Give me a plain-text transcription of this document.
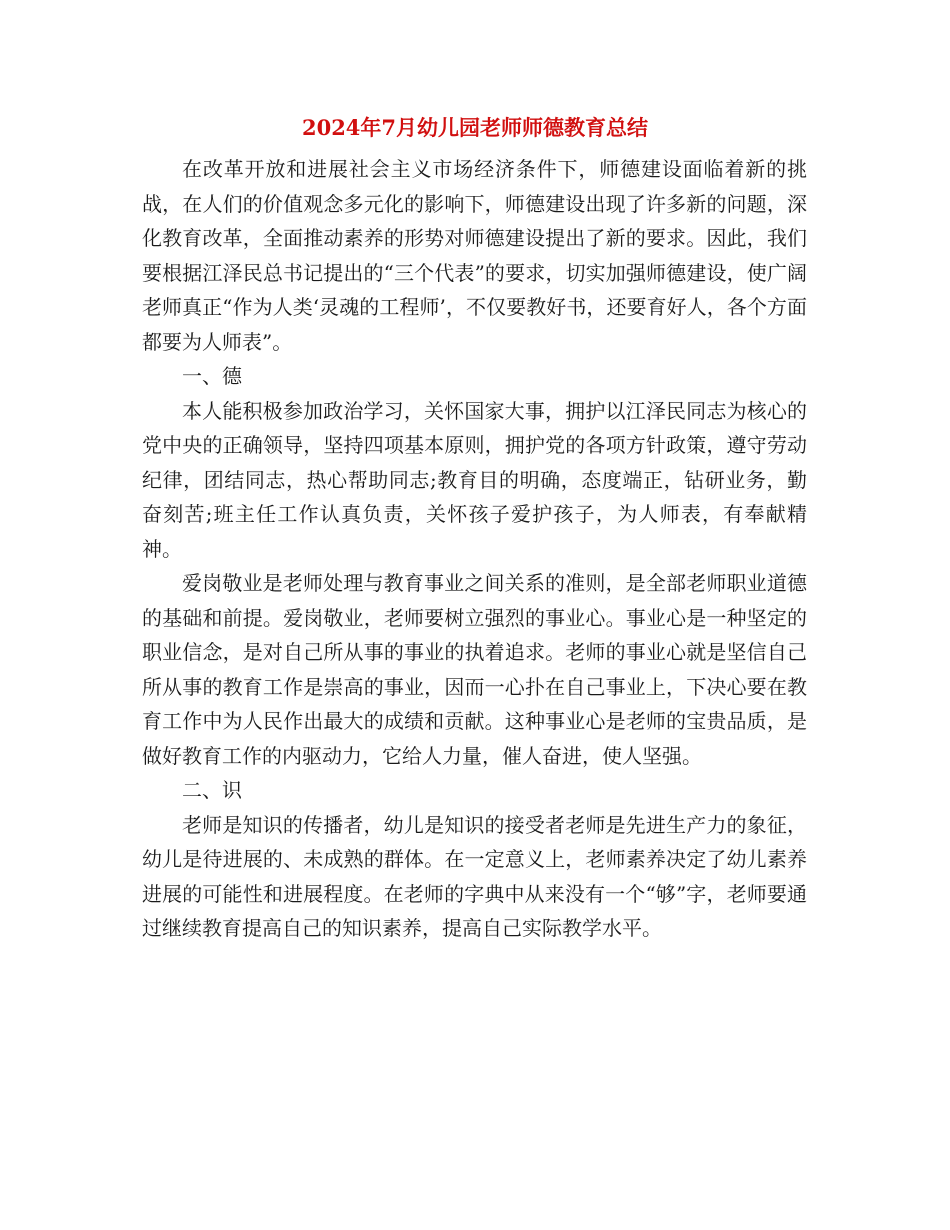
2024年7月幼儿园老师师德教育总结

在改革开放和进展社会主义市场经济条件下，师德建设面临着新的挑战，在人们的价值观念多元化的影响下，师德建设出现了许多新的问题，深化教育改革，全面推动素养的形势对师德建设提出了新的要求。因此，我们要根据江泽民总书记提出的“三个代表”的要求，切实加强师德建设，使广阔老师真正“作为人类‘灵魂的工程师’，不仅要教好书，还要育好人，各个方面都要为人师表”。

一、德

本人能积极参加政治学习，关怀国家大事，拥护以江泽民同志为核心的党中央的正确领导，坚持四项基本原则，拥护党的各项方针政策，遵守劳动纪律，团结同志，热心帮助同志;教育目的明确，态度端正，钻研业务，勤奋刻苦;班主任工作认真负责，关怀孩子爱护孩子，为人师表，有奉献精神。

爱岗敬业是老师处理与教育事业之间关系的准则，是全部老师职业道德的基础和前提。爱岗敬业，老师要树立强烈的事业心。事业心是一种坚定的职业信念，是对自己所从事的事业的执着追求。老师的事业心就是坚信自己所从事的教育工作是崇高的事业，因而一心扑在自己事业上，下决心要在教育工作中为人民作出最大的成绩和贡献。这种事业心是老师的宝贵品质，是做好教育工作的内驱动力，它给人力量，催人奋进，使人坚强。

二、识

老师是知识的传播者，幼儿是知识的接受者老师是先进生产力的象征，幼儿是待进展的、未成熟的群体。在一定意义上，老师素养决定了幼儿素养进展的可能性和进展程度。在老师的字典中从来没有一个“够”字，老师要通过继续教育提高自己的知识素养，提高自己实际教学水平。
